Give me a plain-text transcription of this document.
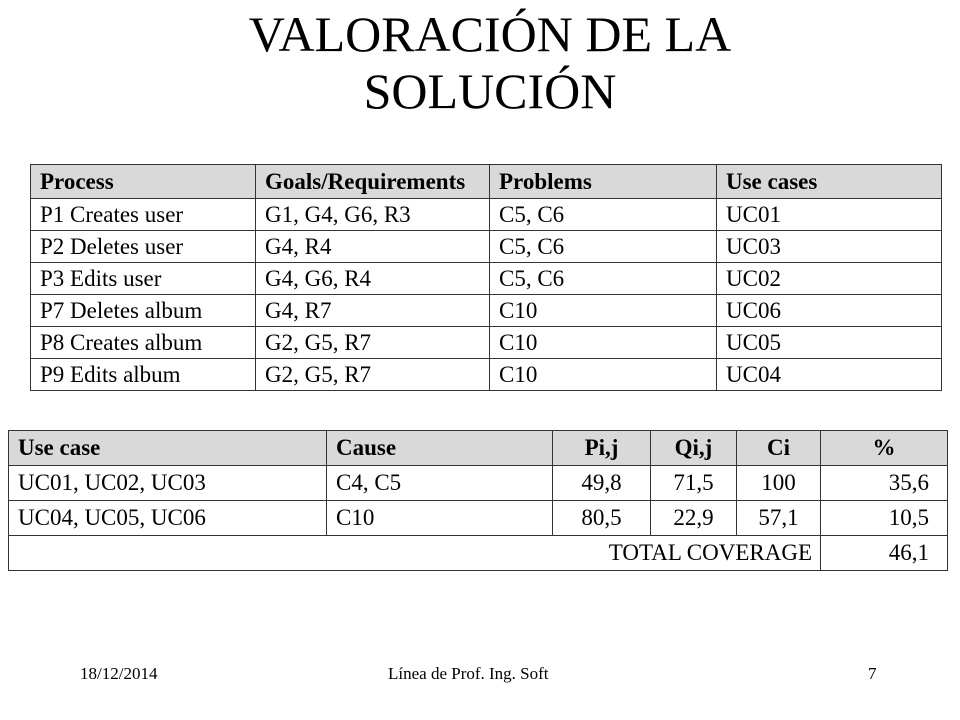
VALORACIÓN DE LA
SOLUCIÓN
Process	Goals/Requirements	Problems	Use cases
P1 Creates user	G1, G4, G6, R3	C5, C6	UC01
P2 Deletes user	G4, R4	C5, C6	UC03
P3 Edits user	G4, G6, R4	C5, C6	UC02
P7 Deletes album	G4, R7	C10	UC06
P8 Creates album	G2, G5, R7	C10	UC05
P9 Edits album	G2, G5, R7	C10	UC04
Use case	Cause	Pi,j	Qi,j	Ci	%
UC01, UC02, UC03	C4, C5	49,8	71,5	100	35,6
UC04, UC05, UC06	C10	80,5	22,9	57,1	10,5
TOTAL COVERAGE					46,1
18/12/2014	Línea de Prof. Ing. Soft	7
